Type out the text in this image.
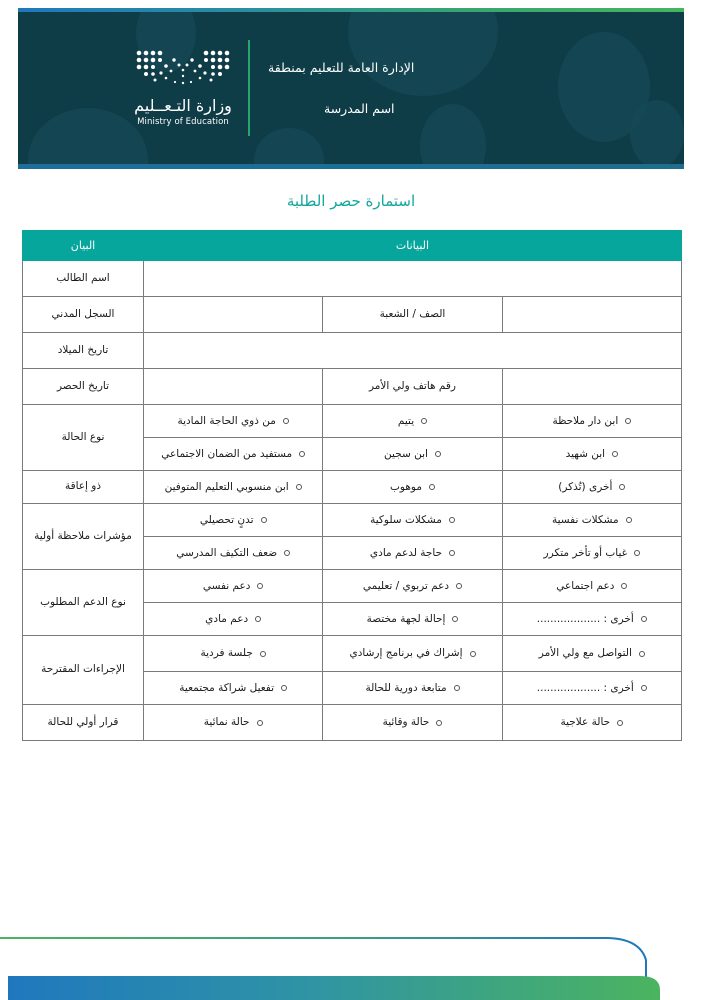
الإدارة العامة للتعليم بمنطقة
اسم المدرسة
وزارة التـعــليم
Ministry of Education
استمارة حصر الطلبة
البيانات			البيان
			اسم الطالب
	الصف / الشعبة		السجل المدني
			تاريخ الميلاد
	رقم هاتف ولي الأمر		تاريخ الحصر
ابن دار ملاحظة	يتيم	من ذوي الحاجة المادية	نوع الحالة
ابن شهيد	ابن سجين	مستفيد من الضمان الاجتماعي	
أخرى (تُذكر)	موهوب	ابن منسوبي التعليم المتوفين	ذو إعاقة
مشكلات نفسية	مشكلات سلوكية	تدنٍ تحصيلي	مؤشرات ملاحظة أولية
غياب أو تأخر متكرر	حاجة لدعم مادي	ضعف التكيف المدرسي	
دعم اجتماعي	دعم تربوي / تعليمي	دعم نفسي	نوع الدعم المطلوب
أخرى : ...................	إحالة لجهة مختصة	دعم مادي	
التواصل مع ولي الأمر	إشراك في برنامج إرشادي	جلسة فردية	الإجراءات المقترحة
أخرى : ...................	متابعة دورية للحالة	تفعيل شراكة مجتمعية	
حالة علاجية	حالة وقائية	حالة نمائية	قرار أولي للحالة
